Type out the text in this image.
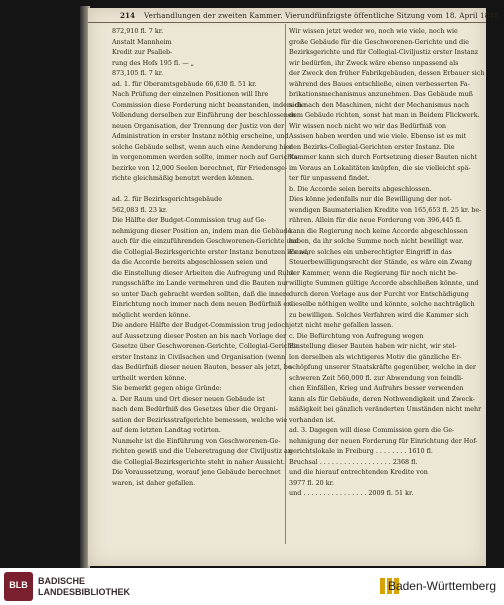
214 Verhandlungen der zweiten Kammer. Vierundfünfzigste öffentliche Sitzung vom 18. April 1848.
872,910 fl. 7 kr.
Anstalt Mannheim
Kredit zur Psalleb-
rung des Hofs 195 fl. — „
873,105 fl. 7 kr.
ad. 1. für Oberamtsgebäude 66,630 fl. 51 kr.
Nach Prüfung der einzelnen Positionen will Ihre
Commission diese Forderung nicht beanstanden, indem die
Vollendung derselben zur Einführung der beschlossenen
neuen Organisation, der Trennung der Justiz von der
Administration in erster Instanz nöthig erscheine, und
solche Gebäude selbst, wenn auch eine Aenderung hier
in vorgenommen werden sollte, immer noch auf Gerichts-
bezirke von 12,000 Seelen berechnet, für Friedensge-
richte gleichmäßig benutzt werden können.
ad. 2. für Bezirksgerichtsgebäude
562,083 fl. 23 kr.
Die Hälfte der Budget-Commission trug auf Ge-
nehmigung dieser Position an, indem man die Gebäude
auch für die einzuführenden Geschworenen-Gerichte und
die Collegial-Bezirksgerichte erster Instanz benutzen könne,
da die Accorde bereits abgeschlossen seien und
die Einstellung dieser Arbeiten die Aufregung und Ruhe
rungsschäfte im Lande vermehren und die Bauten nur
so unter Dach gebracht werden sollten, daß die innere
Einrichtung noch immer nach dem neuen Bedürfniß er-
möglicht werden könne.
Die andere Hälfte der Budget-Commission trug jedoch
auf Aussetzung dieser Posten an bis nach Vorlage der
Gesetze über Geschworenen-Gerichte, Collegial-Gerichte
erster Instanz in Civilsachen und Organisation (wenn
das Bedürfniß dieser neuen Bauten, besser als jetzt, be-
urtheilt werden könne.
Sie bemerkt gegen obige Gründe:
a. Der Raum und Ort dieser neuen Gebäude ist
nach dem Bedürfniß des Gesetzes über die Organi-
sation der Bezirksstrafgerichte bemessen, welche wie
auf dem letzten Landtag votirten.
Nunmehr ist die Einführung von Geschworenen-Ge-
richten gewiß und die Ueberetragung der Civiljustiz an
die Collegial-Bezirksgerichte steht in naher Aussicht.
Die Voraussetzung, worauf jene Gebäude berechnet
waren, ist daher gefallen.
Wir wissen jetzt weder wo, noch wie viele, noch wie
große Gebäude für die Geschworenen-Gerichte und die
Bezirksgerichte und für Collegial-Civiljustiz erster Instanz
wir bedürfen, ihr Zweck wäre ebenso unpassend als
der Zweck den früher Fabrikgebäuden, dessen Erbauer sich
während des Baues entschließe, einen verbesserten Fa-
brikationsmechanismus anzunehmen. Das Gebäude muß
sich nach den Maschinen, nicht der Mechanismus nach
dem Gebäude richten, sonst hat man in Beidem Flickwerk.
Wir wissen noch nicht wo wir das Bedürfniß von
Assisen haben werden und wie viele. Ebenso ist es mit
den Bezirks-Collegial-Gerichten erster Instanz. Die
Kammer kann sich durch Fortsetzung dieser Bauten nicht
im Voraus an Lokalitäten knüpfen, die sie vielleicht spä-
ter für unpassend findet.
b. Die Accorde seien bereits abgeschlossen.
Dies könne jedenfalls nur die Bewilligung der not-
wendigen Baumaterialien Kredite von 165,653 fl. 25 kr. be-
rühren. Allein für die neue Forderung von 396,445 fl.
kann die Regierung noch keine Accorde abgeschlossen
haben, da ihr solche Summe noch nicht bewilligt war.
Es wäre solches ein unberechtigter Eingriff in das
Steuerbewilligungsrecht der Stände, es wäre ein Zwang
der Kammer, wenn die Regierung für noch nicht be-
willigte Summen gültige Accorde abschließen könnte, und
durch deren Vorlage aus der Furcht vor Entschädigung
dieselbe nöthigen wollte und könnte, solche nachträglich
zu bewilligen. Solches Verfahren wird die Kammer sich
jetzt nicht mehr gefallen lassen.
c. Die Befürchtung von Aufregung wegen
Einstellung dieser Bauten haben wir nicht, wir stel-
len derselben als wichtigeres Motiv die gänzliche Er-
schöpfung unserer Staatskräfte gegenüber, welche in der
schweren Zeit 560,000 fl. zur Abwendung von feindli-
chen Einfällen, Krieg und Aufruhrs besser verwenden
kann als für Gebäude, deren Nothwendigkeit und Zweck-
mäßigkeit bei gänzlich veränderten Umständen nicht mehr
vorhanden ist.
ad. 3. Dagegen will diese Commission gern die Ge-
nehmigung der neuen Forderung für Einrichtung der Hof-
gerichtslokale in Freiburg . . . . . . . . 1610 fl.
Bruchsal . . . . . . . . . . . . . . . . . . 2368 fl.
und die hierauf entrechtenden Kredite von
3977 fl. 20 kr.
und . . . . . . . . . . . . . . . . 2009 fl. 51 kr.
BLB	BADISCHE
LANDESBIBLIOTHEK	Baden-Württemberg
